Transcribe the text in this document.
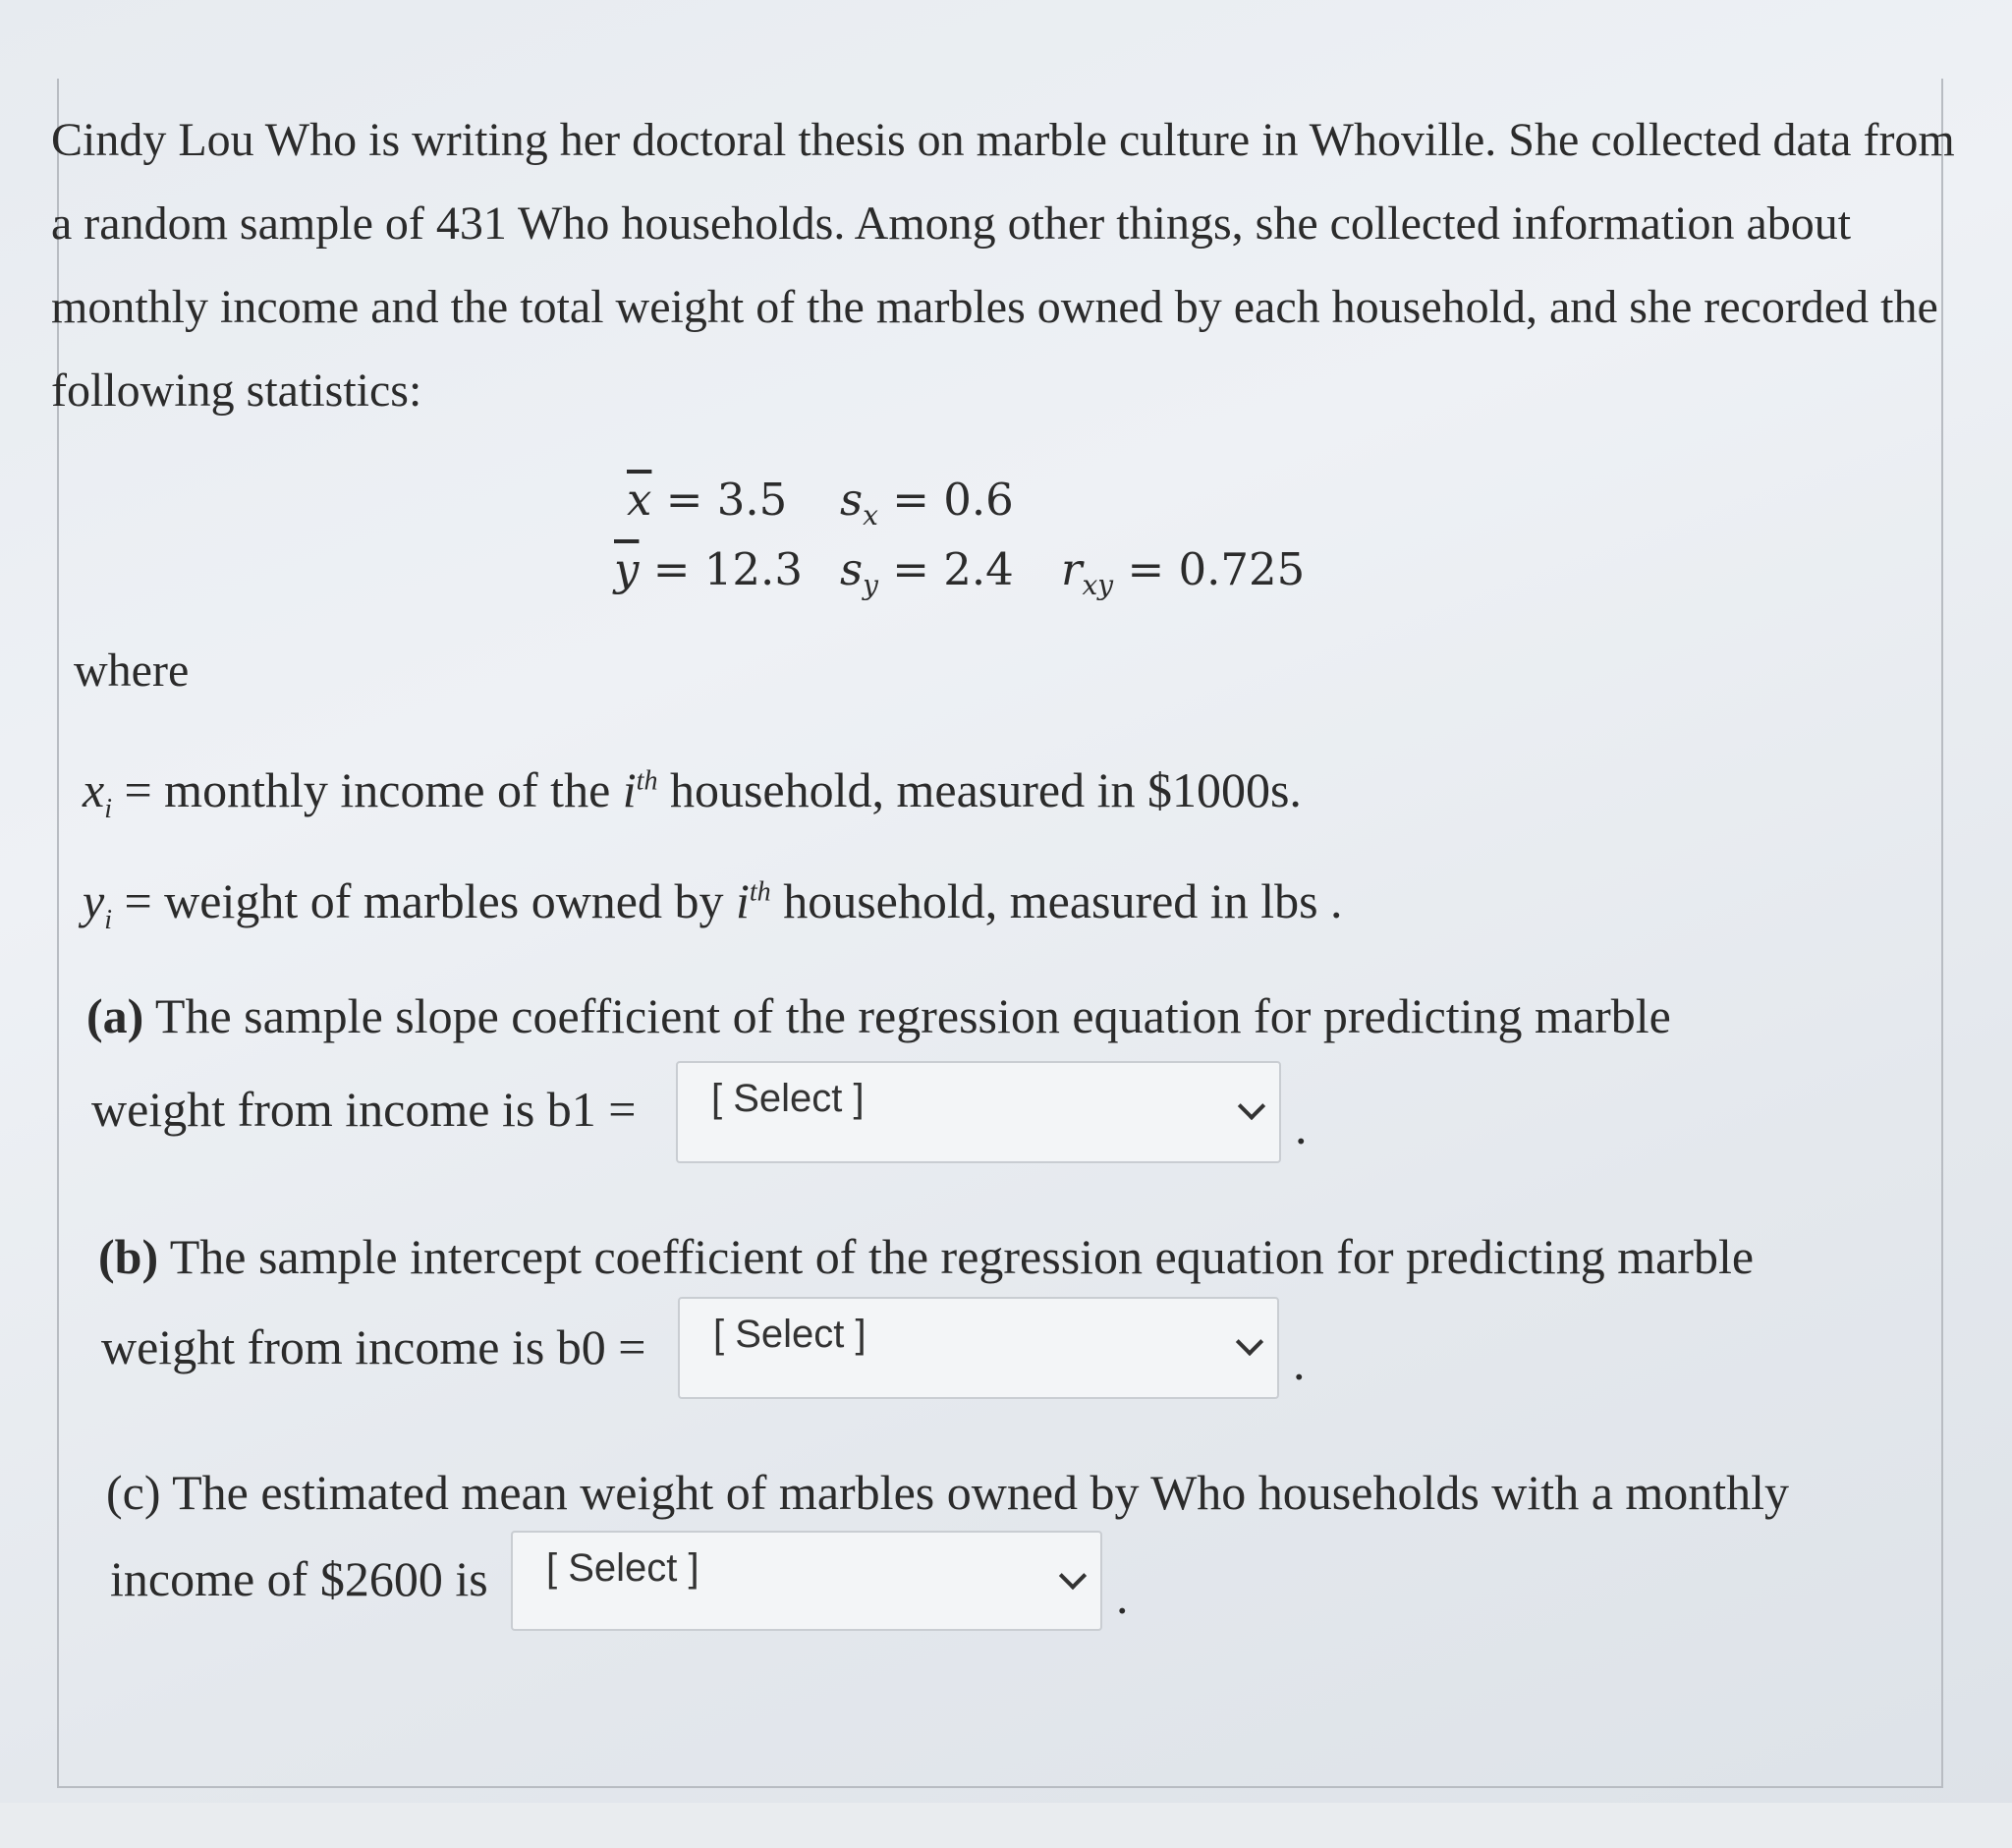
Cindy Lou Who is writing her doctoral thesis on marble culture in Whoville. She collected data from a random sample of 431 Who households. Among other things, she collected information about monthly income and the total weight of the marbles owned by each household, and she recorded the following statistics:
$\overline{x} = 3.5$ $s_x = 0.6$
$\overline{y} = 12.3$ $s_y = 2.4$ $r_{xy} = 0.725$
where
$x_i$ = monthly income of the $i^{th}$ household, measured in $1000s.
$y_i$ = weight of marbles owned by $i^{th}$ household, measured in lbs .
(a) The sample slope coefficient of the regression equation for predicting marble
weight from income is b1 = [ Select ]
.
(b) The sample intercept coefficient of the regression equation for predicting marble
weight from income is b0 = [ Select ]
.
(c) The estimated mean weight of marbles owned by Who households with a monthly
income of $2600 is [ Select ]
.
